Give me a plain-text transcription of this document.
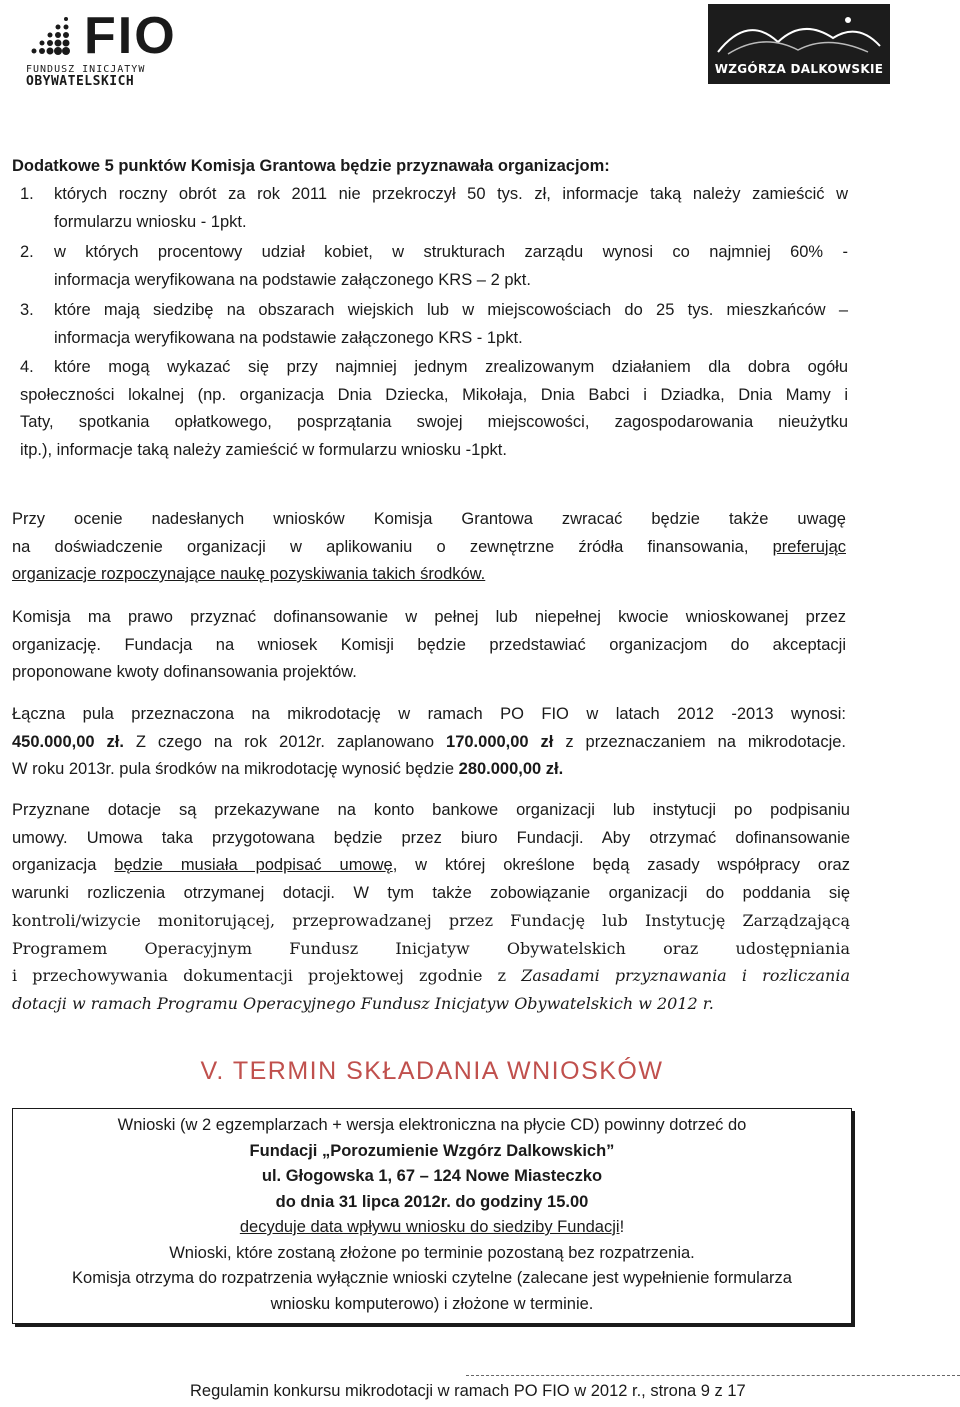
FIO
FUNDUSZ INICJATYW
OBYWATELSKICH
WZGÓRZA DALKOWSKIE
Dodatkowe 5 punktów Komisja Grantowa będzie przyznawała organizacjom:
1. których roczny obrót za rok 2011 nie przekroczył 50 tys. zł, informacje taką należy zamieścić w
formularzu wniosku - 1pkt.
2. w których procentowy udział kobiet, w strukturach zarządu wynosi co najmniej 60% -
informacja weryfikowana na podstawie załączonego KRS – 2 pkt.
3. które mają siedzibę na obszarach wiejskich lub w miejscowościach do 25 tys. mieszkańców –
informacja weryfikowana na podstawie załączonego KRS - 1pkt.
4. które mogą wykazać się przy najmniej jednym zrealizowanym działaniem dla dobra ogółu
społeczności lokalnej (np. organizacja Dnia Dziecka, Mikołaja, Dnia Babci i Dziadka, Dnia Mamy i
Taty, spotkania opłatkowego, posprzątania swojej miejscowości, zagospodarowania nieużytku
itp.), informacje taką należy zamieścić w formularzu wniosku -1pkt.
Przy ocenie nadesłanych wniosków Komisja Grantowa zwracać będzie także uwagę
na doświadczenie organizacji w aplikowaniu o zewnętrzne źródła finansowania, preferując
organizacje rozpoczynające naukę pozyskiwania takich środków.
Komisja ma prawo przyznać dofinansowanie w pełnej lub niepełnej kwocie wnioskowanej przez
organizację. Fundacja na wniosek Komisji będzie przedstawiać organizacjom do akceptacji
proponowane kwoty dofinansowania projektów.
Łączna pula przeznaczona na mikrodotację w ramach PO FIO w latach 2012 -2013 wynosi:
450.000,00 zł. Z czego na rok 2012r. zaplanowano 170.000,00 zł z przeznaczaniem na mikrodotacje.
W roku 2013r. pula środków na mikrodotację wynosić będzie 280.000,00 zł.
Przyznane dotacje są przekazywane na konto bankowe organizacji lub instytucji po podpisaniu
umowy. Umowa taka przygotowana będzie przez biuro Fundacji. Aby otrzymać dofinansowanie
organizacja będzie musiała podpisać umowę, w której określone będą zasady współpracy oraz
warunki rozliczenia otrzymanej dotacji. W tym także zobowiązanie organizacji do poddania się
kontroli/wizycie monitorującej, przeprowadzanej przez Fundację lub Instytucję Zarządzającą
Programem Operacyjnym Fundusz Inicjatyw Obywatelskich oraz udostępniania
i przechowywania dokumentacji projektowej zgodnie z Zasadami przyznawania i rozliczania
dotacji w ramach Programu Operacyjnego Fundusz Inicjatyw Obywatelskich w 2012 r.
V. TERMIN SKŁADANIA WNIOSKÓW
Wnioski (w 2 egzemplarzach + wersja elektroniczna na płycie CD) powinny dotrzeć do
Fundacji „Porozumienie Wzgórz Dalkowskich”
ul. Głogowska 1, 67 – 124 Nowe Miasteczko
do dnia 31 lipca 2012r. do godziny 15.00
decyduje data wpływu wniosku do siedziby Fundacji!
Wnioski, które zostaną złożone po terminie pozostaną bez rozpatrzenia.
Komisja otrzyma do rozpatrzenia wyłącznie wnioski czytelne (zalecane jest wypełnienie formularza
wniosku komputerowo) i złożone w terminie.
Regulamin konkursu mikrodotacji w ramach PO FIO w 2012 r., strona 9 z 17
